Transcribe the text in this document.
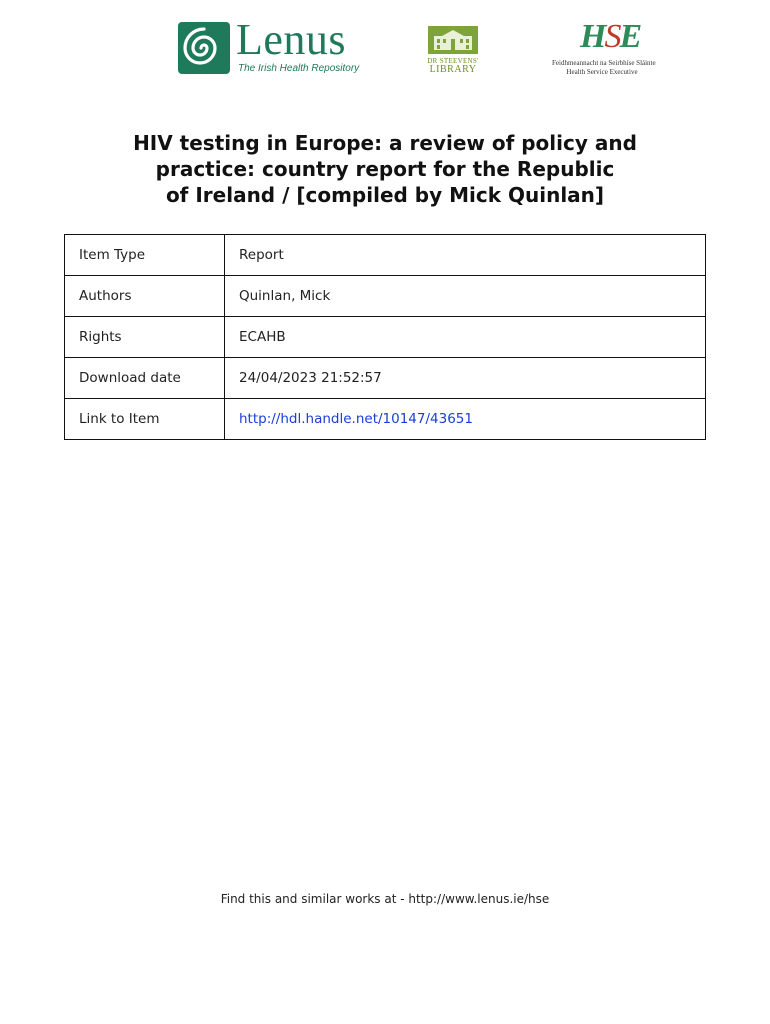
Lenus
The Irish Health Repository
DR STEEVENS'
LIBRARY
HSE
Feidhmeannacht na Seirbhíse Sláinte
Health Service Executive
HIV testing in Europe: a review of policy and
practice: country report for the Republic
of Ireland / [compiled by Mick Quinlan]
Item Type	Report
Authors	Quinlan, Mick
Rights	ECAHB
Download date	24/04/2023 21:52:57
Link to Item	http://hdl.handle.net/10147/43651
Find this and similar works at - http://www.lenus.ie/hse
